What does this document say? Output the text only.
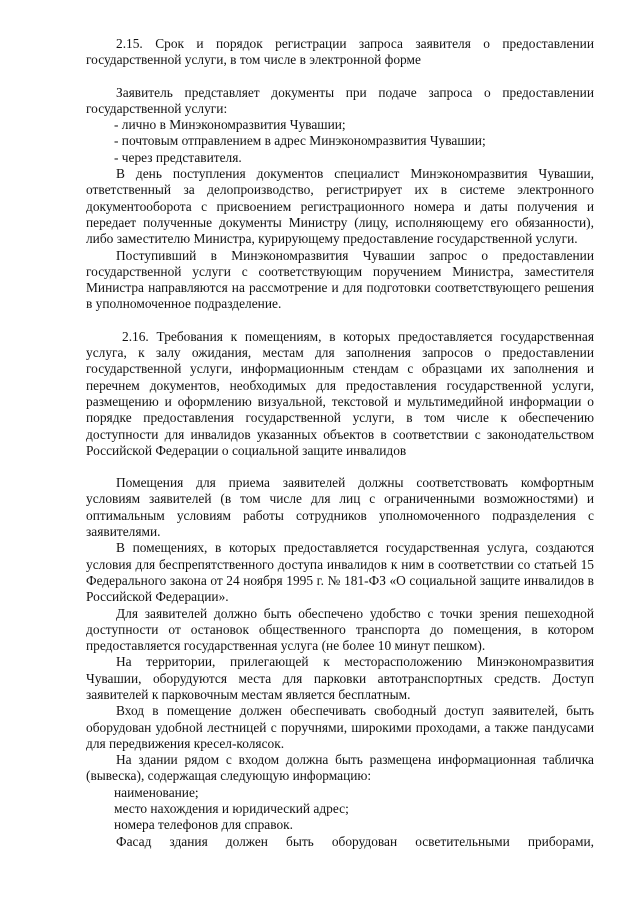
2.15. Срок и порядок регистрации запроса заявителя о предоставлении государственной услуги, в том числе в электронной форме

Заявитель представляет документы при подаче запроса о предоставлении государственной услуги:

- лично в Минэкономразвития Чувашии;

- почтовым отправлением в адрес Минэкономразвития Чувашии;

- через представителя.

В день поступления документов специалист Минэкономразвития Чувашии, ответственный за делопроизводство, регистрирует их в системе электронного документооборота с присвоением регистрационного номера и даты получения и передает полученные документы Министру (лицу, исполняющему его обязанности), либо заместителю Министра, курирующему предоставление государственной услуги.

Поступивший в Минэкономразвития Чувашии запрос о предоставлении государственной услуги с соответствующим поручением Министра, заместителя Министра направляются на рассмотрение и для подготовки соответствующего решения в уполномоченное подразделение.

2.16. Требования к помещениям, в которых предоставляется государственная услуга, к залу ожидания, местам для заполнения запросов о предоставлении государственной услуги, информационным стендам с образцами их заполнения и перечнем документов, необходимых для предоставления государственной услуги, размещению и оформлению визуальной, текстовой и мультимедийной информации о порядке предоставления государственной услуги, в том числе к обеспечению доступности для инвалидов указанных объектов в соответствии с законодательством Российской Федерации о социальной защите инвалидов

Помещения для приема заявителей должны соответствовать комфортным условиям заявителей (в том числе для лиц с ограниченными возможностями) и оптимальным условиям работы сотрудников уполномоченного подразделения с заявителями.

В помещениях, в которых предоставляется государственная услуга, создаются условия для беспрепятственного доступа инвалидов к ним в соответствии со статьей 15 Федерального закона от 24 ноября 1995 г. № 181-ФЗ «О социальной защите инвалидов в Российской Федерации».

Для заявителей должно быть обеспечено удобство с точки зрения пешеходной доступности от остановок общественного транспорта до помещения, в котором предоставляется государственная услуга (не более 10 минут пешком).

На территории, прилегающей к месторасположению Минэкономразвития Чувашии, оборудуются места для парковки автотранспортных средств. Доступ заявителей к парковочным местам является бесплатным.

Вход в помещение должен обеспечивать свободный доступ заявителей, быть оборудован удобной лестницей с поручнями, широкими проходами, а также пандусами для передвижения кресел-колясок.

На здании рядом с входом должна быть размещена информационная табличка (вывеска), содержащая следующую информацию:

наименование;

место нахождения и юридический адрес;

номера телефонов для справок.

Фасад здания должен быть оборудован осветительными приборами,
